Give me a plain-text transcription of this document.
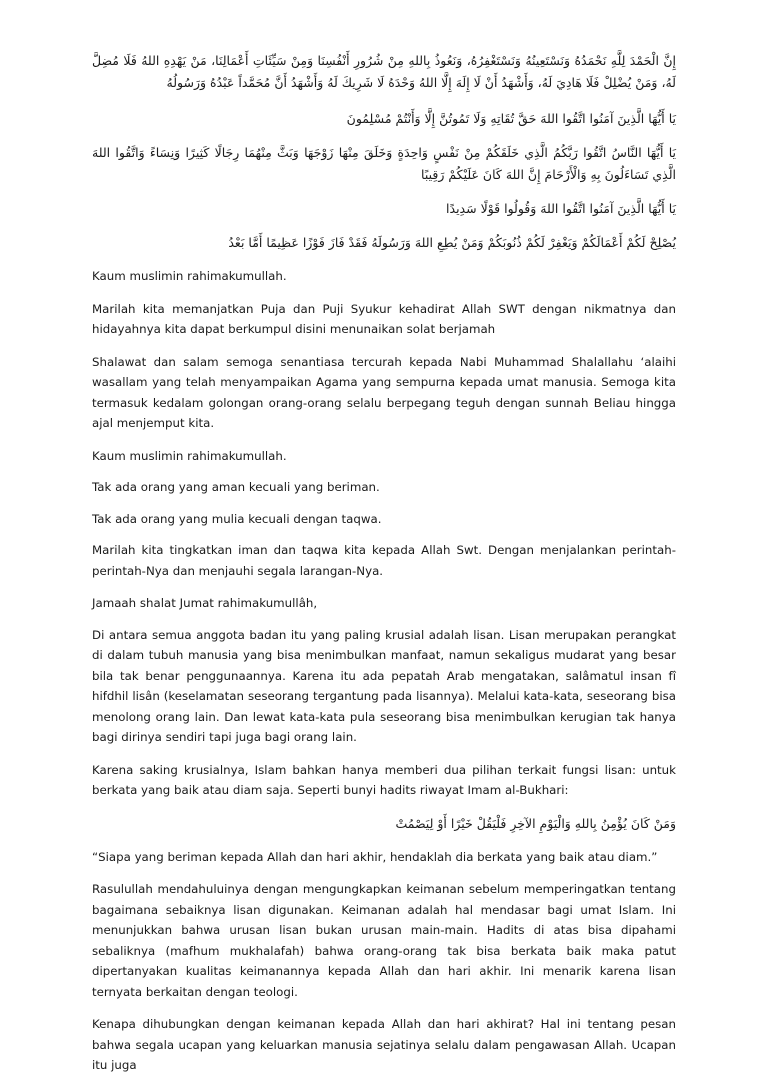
إِنَّ الْحَمْدَ لِلَّهِ نَحْمَدُهُ وَنَسْتَعِينُهُ وَنَسْتَغْفِرُهُ، وَنَعُوذُ بِاللهِ مِنْ شُرُورِ أَنْفُسِنَا وَمِنْ سَيِّئَاتِ أَعْمَالِنَا، مَنْ يَهْدِهِ اللهُ فَلَا مُضِلَّ لَهُ، وَمَنْ يُضْلِلْ فَلَا هَادِيَ لَهُ، وَأَشْهَدُ أَنْ لَا إِلَهَ إِلَّا اللهُ وَحْدَهُ لَا شَرِيكَ لَهُ وَأَشْهَدُ أَنَّ مُحَمَّداً عَبْدُهُ وَرَسُولُهُ

يَا أَيُّهَا الَّذِينَ آمَنُوا اتَّقُوا اللهَ حَقَّ تُقَاتِهِ وَلَا تَمُوتُنَّ إِلَّا وَأَنْتُمْ مُسْلِمُونَ

يَا أَيُّهَا النَّاسُ اتَّقُوا رَبَّكُمُ الَّذِي خَلَقَكُمْ مِنْ نَفْسٍ وَاحِدَةٍ وَخَلَقَ مِنْهَا زَوْجَهَا وَبَثَّ مِنْهُمَا رِجَالًا كَثِيرًا وَنِسَاءً وَاتَّقُوا اللهَ الَّذِي تَسَاءَلُونَ بِهِ وَالْأَرْحَامَ إِنَّ اللهَ كَانَ عَلَيْكُمْ رَقِيبًا

يَا أَيُّهَا الَّذِينَ آمَنُوا اتَّقُوا اللهَ وَقُولُوا قَوْلًا سَدِيدًا

يُصْلِحْ لَكُمْ أَعْمَالَكُمْ وَيَغْفِرْ لَكُمْ ذُنُوبَكُمْ وَمَنْ يُطِعِ اللهَ وَرَسُولَهُ فَقَدْ فَازَ فَوْزًا عَظِيمًا أَمَّا بَعْدُ

Kaum muslimin rahimakumullah.

Marilah kita memanjatkan Puja dan Puji Syukur kehadirat Allah SWT dengan nikmatnya dan hidayahnya kita dapat berkumpul disini menunaikan solat berjamah

Shalawat dan salam semoga senantiasa tercurah kepada Nabi Muhammad Shalallahu ‘alaihi wasallam yang telah menyampaikan Agama yang sempurna kepada umat manusia. Semoga kita termasuk kedalam golongan orang-orang selalu berpegang teguh dengan sunnah Beliau hingga ajal menjemput kita.

Kaum muslimin rahimakumullah.

Tak ada orang yang aman kecuali yang beriman.

Tak ada orang yang mulia kecuali dengan taqwa.

Marilah kita tingkatkan iman dan taqwa kita kepada Allah Swt. Dengan menjalankan perintah-perintah-Nya dan menjauhi segala larangan-Nya.

Jamaah shalat Jumat rahimakumullâh,

Di antara semua anggota badan itu yang paling krusial adalah lisan. Lisan merupakan perangkat di dalam tubuh manusia yang bisa menimbulkan manfaat, namun sekaligus mudarat yang besar bila tak benar penggunaannya. Karena itu ada pepatah Arab mengatakan, salâmatul insan fî hifdhil lisân (keselamatan seseorang tergantung pada lisannya). Melalui kata-kata, seseorang bisa menolong orang lain. Dan lewat kata-kata pula seseorang bisa menimbulkan kerugian tak hanya bagi dirinya sendiri tapi juga bagi orang lain.

Karena saking krusialnya, Islam bahkan hanya memberi dua pilihan terkait fungsi lisan: untuk berkata yang baik atau diam saja. Seperti bunyi hadits riwayat Imam al-Bukhari:

وَمَنْ كَانَ يُؤْمِنُ بِاللهِ وَالْيَوْمِ الآخِرِ فَلْيَقُلْ خَيْرًا أَوْ لِيَصْمُتْ

“Siapa yang beriman kepada Allah dan hari akhir, hendaklah dia berkata yang baik atau diam.”

Rasulullah mendahuluinya dengan mengungkapkan keimanan sebelum memperingatkan tentang bagaimana sebaiknya lisan digunakan. Keimanan adalah hal mendasar bagi umat Islam. Ini menunjukkan bahwa urusan lisan bukan urusan main-main. Hadits di atas bisa dipahami sebaliknya (mafhum mukhalafah) bahwa orang-orang tak bisa berkata baik maka patut dipertanyakan kualitas keimanannya kepada Allah dan hari akhir. Ini menarik karena lisan ternyata berkaitan dengan teologi.

Kenapa dihubungkan dengan keimanan kepada Allah dan hari akhirat? Hal ini tentang pesan bahwa segala ucapan yang keluarkan manusia sejatinya selalu dalam pengawasan Allah. Ucapan itu juga
